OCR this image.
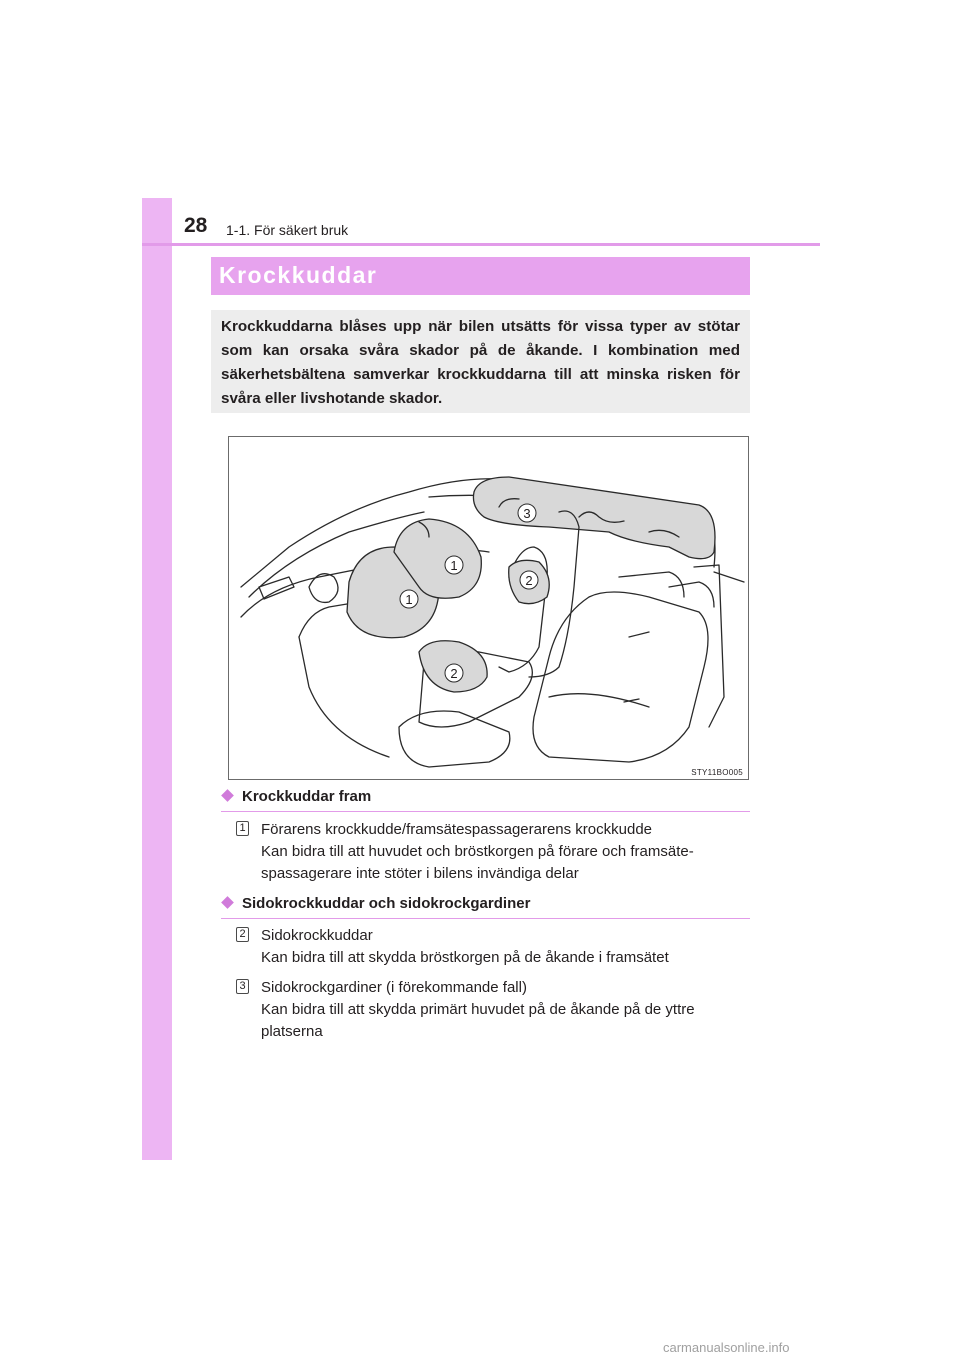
28 1-1. För säkert bruk
Krockkuddar
Krockkuddarna blåses upp när bilen utsätts för vissa typer av stötar som kan orsaka svåra skador på de åkande. I kombination med säkerhetsbältena samverkar krockkuddarna till att minska risken för svåra eller livshotande skador.
1
1
2
2
3
STY11BO005
Krockkuddar fram
1 Förarens krockkudde/framsätespassagerarens krockkudde
Kan bidra till att huvudet och bröstkorgen på förare och framsäte-
spassagerare inte stöter i bilens invändiga delar
Sidokrockkuddar och sidokrockgardiner
2 Sidokrockkuddar
Kan bidra till att skydda bröstkorgen på de åkande i framsätet
3 Sidokrockgardiner (i förekommande fall)
Kan bidra till att skydda primärt huvudet på de åkande på de yttre
platserna
carmanualsonline.info
